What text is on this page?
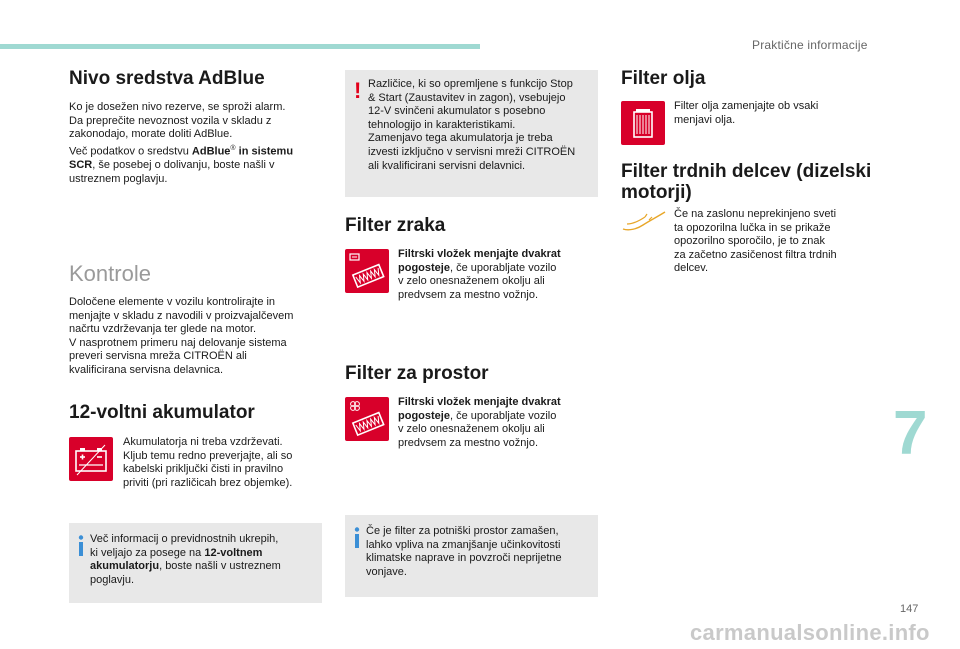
Praktične informacije
7
147
carmanualsonline.info
Nivo sredstva AdBlue
Ko je dosežen nivo rezerve, se sproži alarm.
Da preprečite nevoznost vozila v skladu z
zakonodajo, morate doliti AdBlue.
Več podatkov o sredstvu AdBlue® in sistemu
SCR, še posebej o dolivanju, boste našli v
ustreznem poglavju.
Kontrole
Določene elemente v vozilu kontrolirajte in
menjajte v skladu z navodili v proizvajalčevem
načrtu vzdrževanja ter glede na motor.
V nasprotnem primeru naj delovanje sistema
preveri servisna mreža CITROËN ali
kvalificirana servisna delavnica.
12-voltni akumulator
Akumulatorja ni treba vzdrževati.
Kljub temu redno preverjajte, ali so
kabelski priključki čisti in pravilno
priviti (pri različicah brez objemke).
Več informacij o previdnostnih ukrepih,
ki veljajo za posege na 12-voltnem
akumulatorju, boste našli v ustreznem
poglavju.
! Različice, ki so opremljene s funkcijo Stop
& Start (Zaustavitev in zagon), vsebujejo
12-V svinčeni akumulator s posebno
tehnologijo in karakteristikami.
Zamenjavo tega akumulatorja je treba
izvesti izključno v servisni mreži CITROËN
ali kvalificirani servisni delavnici.
Filter zraka
Filtrski vložek menjajte dvakrat
pogosteje, če uporabljate vozilo
v zelo onesnaženem okolju ali
predvsem za mestno vožnjo.
Filter za prostor
Filtrski vložek menjajte dvakrat
pogosteje, če uporabljate vozilo
v zelo onesnaženem okolju ali
predvsem za mestno vožnjo.
Če je filter za potniški prostor zamašen,
lahko vpliva na zmanjšanje učinkovitosti
klimatske naprave in povzroči neprijetne
vonjave.
Filter olja
Filter olja zamenjajte ob vsaki
menjavi olja.
Filter trdnih delcev (dizelski
motorji)
Če na zaslonu neprekinjeno sveti
ta opozorilna lučka in se prikaže
opozorilno sporočilo, je to znak
za začetno zasičenost filtra trdnih
delcev.
